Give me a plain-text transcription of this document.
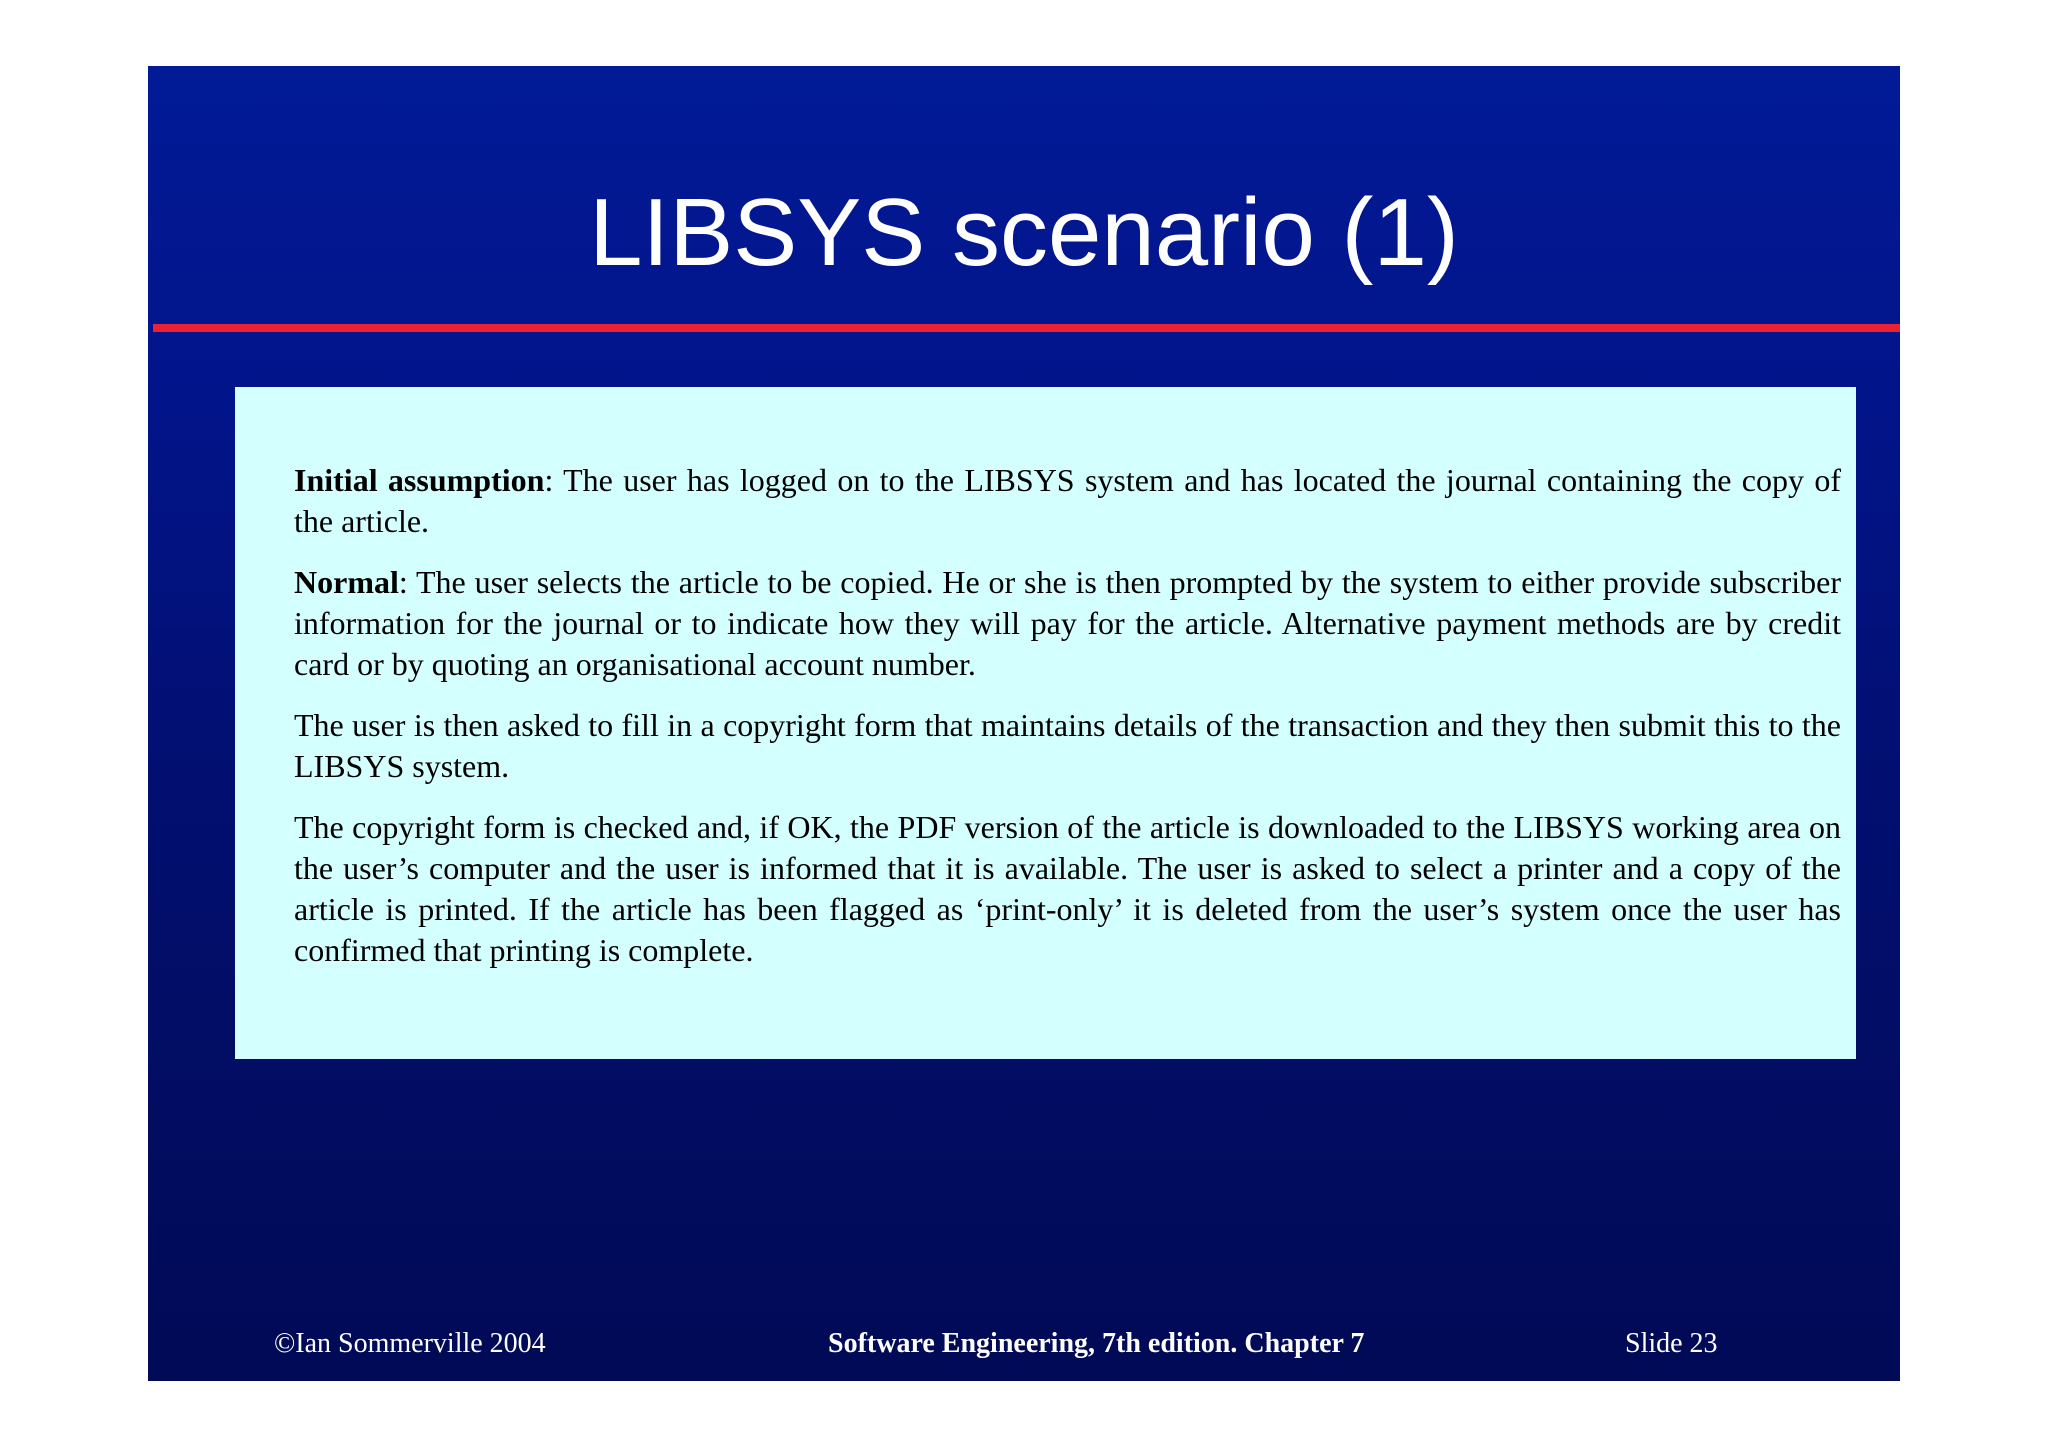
LIBSYS scenario (1)

Initial assumption: The user has logged on to the LIBSYS system and has located the journal containing the copy of the article.

Normal: The user selects the article to be copied. He or she is then prompted by the system to either provide subscriber information for the journal or to indicate how they will pay for the article. Alternative payment methods are by credit card or by quoting an organisational account number.

The user is then asked to fill in a copyright form that maintains details of the transaction and they then submit this to the LIBSYS system.

The copyright form is checked and, if OK, the PDF version of the article is downloaded to the LIBSYS working area on the user’s computer and the user is informed that it is available. The user is asked to select a printer and a copy of the article is printed. If the article has been flagged as ‘print-only’ it is deleted from the user’s system once the user has confirmed that printing is complete.

©Ian Sommerville 2004	Software Engineering, 7th edition. Chapter 7	Slide 23
